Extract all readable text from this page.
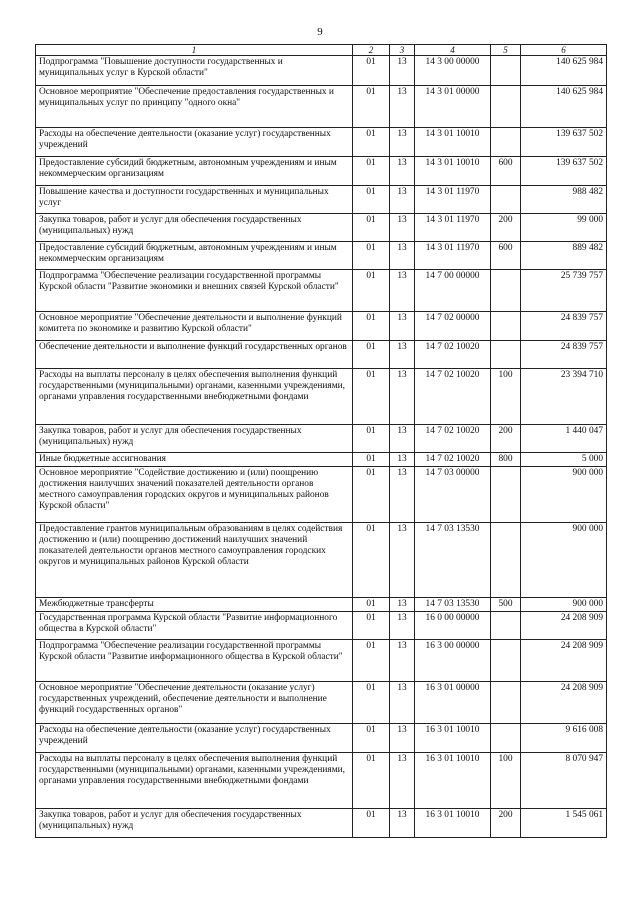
9
1	2	3	4	5	6
Подпрограмма "Повышение доступности государственных и муниципальных услуг в Курской области"	01	13	14 3 00 00000		140 625 984
Основное мероприятие "Обеспечение предоставления государственных и муниципальных услуг по принципу "одного окна"	01	13	14 3 01 00000		140 625 984
Расходы на обеспечение деятельности (оказание услуг) государственных учреждений	01	13	14 3 01 10010		139 637 502
Предоставление субсидий бюджетным, автономным учреждениям и иным некоммерческим организациям	01	13	14 3 01 10010	600	139 637 502
Повышение качества и доступности государственных и муниципальных услуг	01	13	14 3 01 11970		988 482
Закупка товаров, работ и услуг для обеспечения государственных (муниципальных) нужд	01	13	14 3 01 11970	200	99 000
Предоставление субсидий бюджетным, автономным учреждениям и иным некоммерческим организациям	01	13	14 3 01 11970	600	889 482
Подпрограмма "Обеспечение реализации государственной программы Курской области "Развитие экономики и внешних связей Курской области"	01	13	14 7 00 00000		25 739 757
Основное мероприятие "Обеспечение деятельности и выполнение функций комитета по экономике и развитию Курской области"	01	13	14 7 02 00000		24 839 757
Обеспечение деятельности и выполнение функций государственных органов	01	13	14 7 02 10020		24 839 757
Расходы на выплаты персоналу в целях обеспечения выполнения функций государственными (муниципальными) органами, казенными учреждениями, органами управления государственными внебюджетными фондами	01	13	14 7 02 10020	100	23 394 710
Закупка товаров, работ и услуг для обеспечения государственных (муниципальных) нужд	01	13	14 7 02 10020	200	1 440 047
Иные бюджетные ассигнования	01	13	14 7 02 10020	800	5 000
Основное мероприятие "Содействие достижению и (или) поощрению достижения наилучших значений показателей деятельности органов местного самоуправления городских округов и муниципальных районов Курской области"	01	13	14 7 03 00000		900 000
Предоставление грантов муниципальным образованиям в целях содействия достижению и (или) поощрению достижений наилучших значений показателей деятельности органов местного самоуправления городских округов и муниципальных районов Курской области	01	13	14 7 03 13530		900 000
Межбюджетные трансферты	01	13	14 7 03 13530	500	900 000
Государственная программа Курской области "Развитие информационного общества в Курской области"	01	13	16 0 00 00000		24 208 909
Подпрограмма "Обеспечение реализации государственной программы Курской области "Развитие информационного общества в Курской области"	01	13	16 3 00 00000		24 208 909
Основное мероприятие "Обеспечение деятельности (оказание услуг) государственных учреждений, обеспечение деятельности и выполнение функций государственных органов"	01	13	16 3 01 00000		24 208 909
Расходы на обеспечение деятельности (оказание услуг) государственных учреждений	01	13	16 3 01 10010		9 616 008
Расходы на выплаты персоналу в целях обеспечения выполнения функций государственными (муниципальными) органами, казенными учреждениями, органами управления государственными внебюджетными фондами	01	13	16 3 01 10010	100	8 070 947
Закупка товаров, работ и услуг для обеспечения государственных (муниципальных) нужд	01	13	16 3 01 10010	200	1 545 061
